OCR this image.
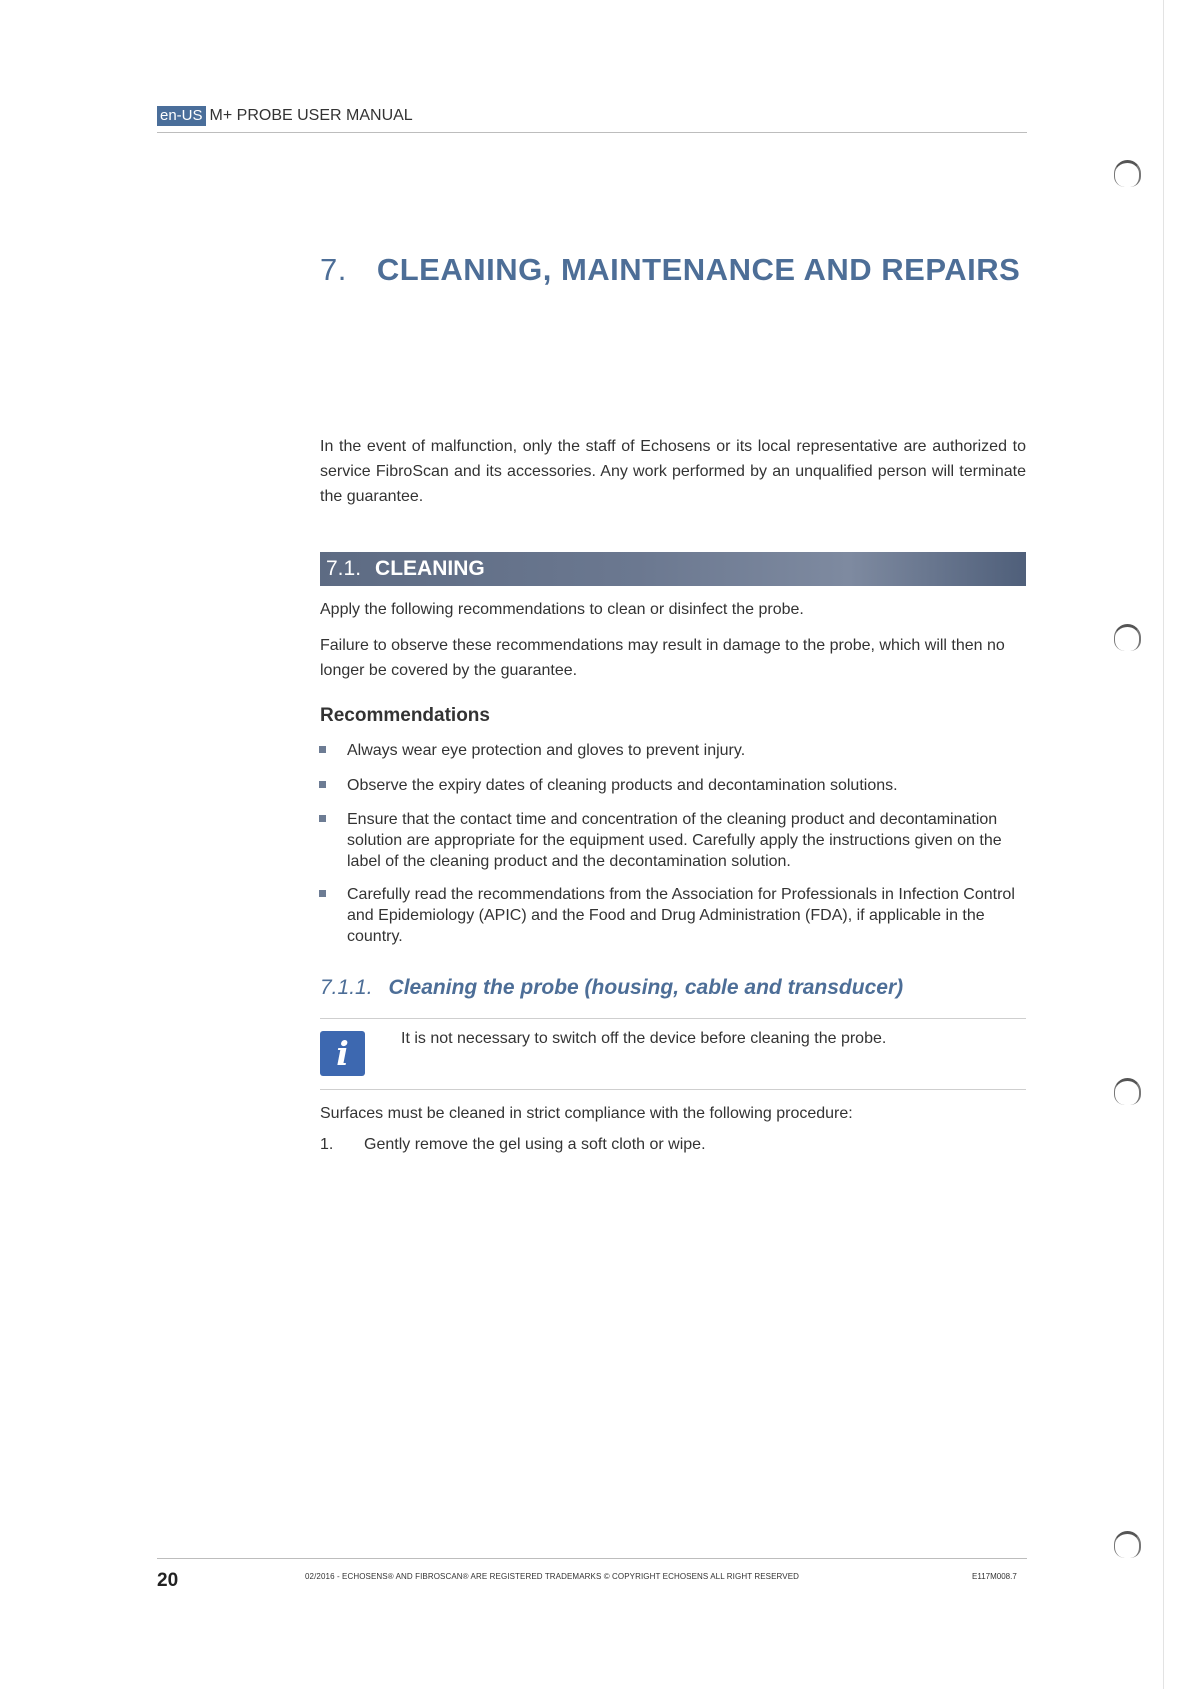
en-US M+ PROBE USER MANUAL
7. CLEANING, MAINTENANCE AND REPAIRS
In the event of malfunction, only the staff of Echosens or its local representative are authorized to service FibroScan and its accessories. Any work performed by an unqualified person will terminate the guarantee.
7.1. CLEANING
Apply the following recommendations to clean or disinfect the probe.
Failure to observe these recommendations may result in damage to the probe, which will then no longer be covered by the guarantee.
Recommendations
Always wear eye protection and gloves to prevent injury.
Observe the expiry dates of cleaning products and decontamination solutions.
Ensure that the contact time and concentration of the cleaning product and decontamination solution are appropriate for the equipment used. Carefully apply the instructions given on the label of the cleaning product and the decontamination solution.
Carefully read the recommendations from the Association for Professionals in Infection Control and Epidemiology (APIC) and the Food and Drug Administration (FDA), if applicable in the country.
7.1.1. Cleaning the probe (housing, cable and transducer)
i	It is not necessary to switch off the device before cleaning the probe.
Surfaces must be cleaned in strict compliance with the following procedure:
1. Gently remove the gel using a soft cloth or wipe.
20	02/2016 - ECHOSENS® AND FIBROSCAN® ARE REGISTERED TRADEMARKS © COPYRIGHT ECHOSENS ALL RIGHT RESERVED	E117M008.7
